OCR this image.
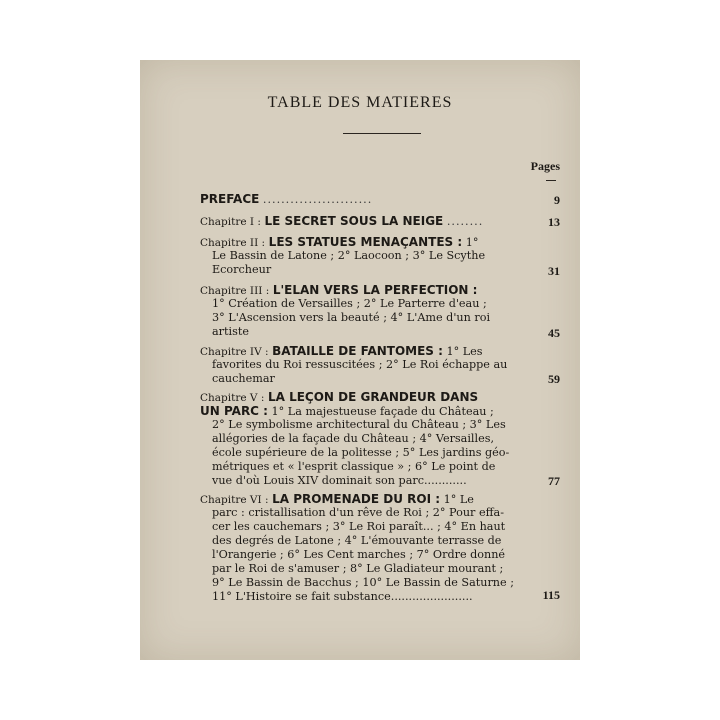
TABLE DES MATIERES
Pages
PREFACE ........................	9
Chapitre I : LE SECRET SOUS LA NEIGE ........	13
Chapitre II : LES STATUES MENAÇANTES : 1°
Le Bassin de Latone ; 2° Laocoon ; 3° Le Scythe
Ecorcheur	31
Chapitre III : L'ELAN VERS LA PERFECTION :
1° Création de Versailles ; 2° Le Parterre d'eau ;
3° L'Ascension vers la beauté ; 4° L'Ame d'un roi
artiste	45
Chapitre IV : BATAILLE DE FANTOMES : 1° Les
favorites du Roi ressuscitées ; 2° Le Roi échappe au
cauchemar	59
Chapitre V : LA LEÇON DE GRANDEUR DANS
UN PARC : 1° La majestueuse façade du Château ;
2° Le symbolisme architectural du Château ; 3° Les
allégories de la façade du Château ; 4° Versailles,
école supérieure de la politesse ; 5° Les jardins géo-
métriques et « l'esprit classique » ; 6° Le point de
vue d'où Louis XIV dominait son parc............	77
Chapitre VI : LA PROMENADE DU ROI : 1° Le
parc : cristallisation d'un rêve de Roi ; 2° Pour effa-
cer les cauchemars ; 3° Le Roi paraît... ; 4° En haut
des degrés de Latone ; 4° L'émouvante terrasse de
l'Orangerie ; 6° Les Cent marches ; 7° Ordre donné
par le Roi de s'amuser ; 8° Le Gladiateur mourant ;
9° Le Bassin de Bacchus ; 10° Le Bassin de Saturne ;
11° L'Histoire se fait substance.......................	115
